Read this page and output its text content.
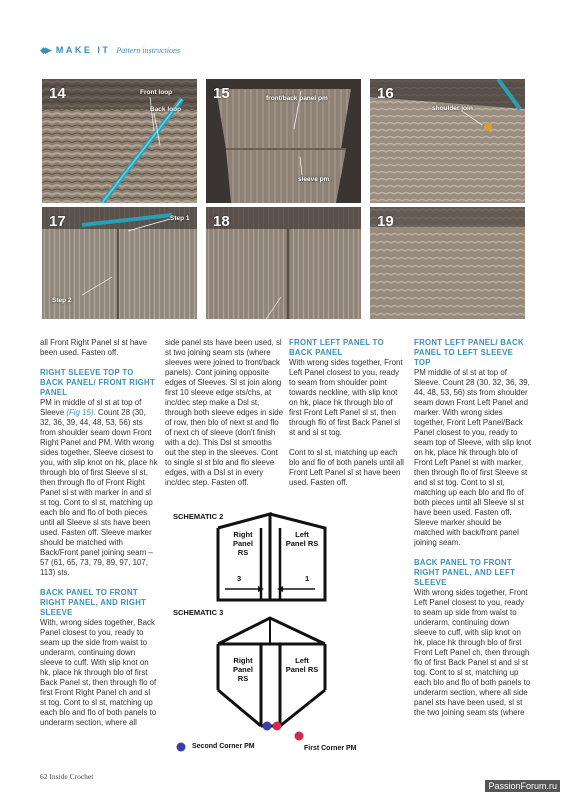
◆▶ MAKE IT Pattern instructions
14	Front loop
Back loop
15	front/back panel pm
sleeve pm
16
shoulder join
17	Step 1
Step 2
18	19

all Front Right Panel sl st have been used. Fasten off.

RIGHT SLEEVE TOP TO BACK PANEL/ FRONT RIGHT PANEL

PM in middle of sl st at top of Sleeve (Fig 15). Count 28 (30, 32, 36, 39, 44, 48, 53, 56) sts from shoulder seam down Front Right Panel and PM. With wrong sides together, Sleeve closest to you, with slip knot on hk, place hk through blo of first Sleeve sl st, then through flo of Front Right Panel sl st with marker in and sl st tog. Cont to sl st, matching up each blo and flo of both pieces until all Sleeve sl sts have been used. Fasten off. Sleeve marker should be matched with Back/Front panel joining seam – 57 (61, 65, 73, 79, 89, 97, 107, 113) sts.

BACK PANEL TO FRONT RIGHT PANEL, AND RIGHT SLEEVE

With, wrong sides together, Back Panel closest to you, ready to seam up the side from waist to underarm, continuing down sleeve to cuff. With slip knot on hk, place hk through blo of first Back Panel st, then through flo of first Front Right Panel ch and sl st tog. Cont to sl st, matching up each blo and flo of both panels to underarm section, where all

side panel sts have been used, sl st two joining seam sts (where sleeves were joined to front/back panels). Cont joining opposite edges of Sleeves. Sl st join along first 10 sleeve edge sts/chs, at inc/dec step make a Dsl st, through both sleeve edges in side of row, then blo of next st and flo of next ch of sleeve (don't finish with a dc). This Dsl st smooths out the step in the sleeves. Cont to single sl st blo and flo sleeve edges, with a Dsl st in every inc/dec step. Fasten off.

FRONT LEFT PANEL TO BACK PANEL

With wrong sides together, Front Left Panel closest to you, ready to seam from shoulder point towards neckline, with slip knot on hk, place hk through blo of first Front Left Panel sl st, then through flo of first Back Panel sl st and sl st tog.

Cont to sl st, matching up each blo and flo of both panels until all Front Left Panel sl st have been used. Fasten off.

FRONT LEFT PANEL/ BACK PANEL TO LEFT SLEEVE TOP

PM middle of sl st at top of Sleeve. Count 28 (30, 32, 36, 39, 44, 48, 53, 56) sts from shoulder seam down Front Left Panel and marker. With wrong sides together, Front Left Panel/Back Panel closest to you, ready to seam top of Sleeve, with slip knot on hk, place hk through blo of Front Left Panel st with marker, then through flo of first Sleeve st and sl st tog. Cont to sl st, matching up each blo and flo of both pieces until all Sleeve sl st have been used. Fasten off. Sleeve marker should be matched with back/front panel joining seam.

BACK PANEL TO FRONT RIGHT PANEL, AND LEFT SLEEVE

With wrong sides together, Front Left Panel closest to you, ready to seam up side from waist to underarm, continuing down sleeve to cuff, with slip knot on hk, place hk through blo of first Front Left Panel ch, then through flo of first Back Panel st and sl st tog. Cont to sl st, matching up each blo and flo of both panels to underarm section, where all side panel sts have been used, sl st the two joining seam sts (where

SCHEMATIC 2
Right Panel RS
Left Panel RS
3	1
SCHEMATIC 3
Right Panel RS
Left Panel RS
Second Corner PM	First Corner PM
62 Inside Crochet
PassionForum.ru
